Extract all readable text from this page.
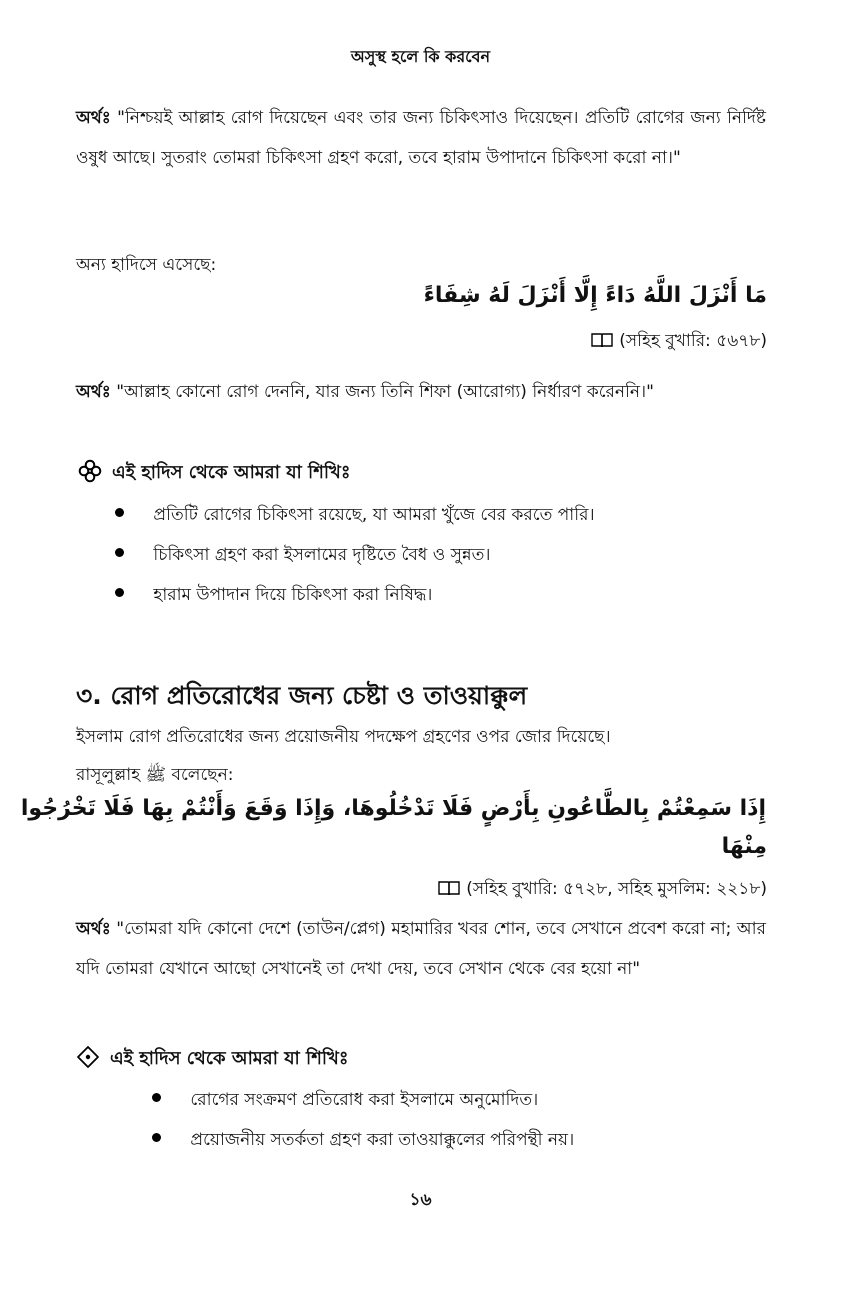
অসুস্থ হলে কি করবেন
অর্থঃ "নিশ্চয়ই আল্লাহ রোগ দিয়েছেন এবং তার জন্য চিকিৎসাও দিয়েছেন। প্রতিটি রোগের জন্য নির্দিষ্ট ওষুধ আছে। সুতরাং তোমরা চিকিৎসা গ্রহণ করো, তবে হারাম উপাদানে চিকিৎসা করো না।"
অন্য হাদিসে এসেছে:
مَا أَنْزَلَ اللَّهُ دَاءً إِلَّا أَنْزَلَ لَهُ شِفَاءً
(সহিহ বুখারি: ৫৬৭৮)
অর্থঃ "আল্লাহ কোনো রোগ দেননি, যার জন্য তিনি শিফা (আরোগ্য) নির্ধারণ করেননি।"
এই হাদিস থেকে আমরা যা শিখিঃ
প্রতিটি রোগের চিকিৎসা রয়েছে, যা আমরা খুঁজে বের করতে পারি।
চিকিৎসা গ্রহণ করা ইসলামের দৃষ্টিতে বৈধ ও সুন্নত।
হারাম উপাদান দিয়ে চিকিৎসা করা নিষিদ্ধ।
৩. রোগ প্রতিরোধের জন্য চেষ্টা ও তাওয়াক্কুল
ইসলাম রোগ প্রতিরোধের জন্য প্রয়োজনীয় পদক্ষেপ গ্রহণের ওপর জোর দিয়েছে।
রাসূলুল্লাহ ﷺ বলেছেন:
إِذَا سَمِعْتُمْ بِالطَّاعُونِ بِأَرْضٍ فَلَا تَدْخُلُوهَا، وَإِذَا وَقَعَ وَأَنْتُمْ بِهَا فَلَا تَخْرُجُوا
مِنْهَا
(সহিহ বুখারি: ৫৭২৮, সহিহ মুসলিম: ২২১৮)
অর্থঃ "তোমরা যদি কোনো দেশে (তাউন/প্লেগ) মহামারির খবর শোন, তবে সেখানে প্রবেশ করো না; আর যদি তোমরা যেখানে আছো সেখানেই তা দেখা দেয়, তবে সেখান থেকে বের হয়ো না"
এই হাদিস থেকে আমরা যা শিখিঃ
রোগের সংক্রমণ প্রতিরোধ করা ইসলামে অনুমোদিত।
প্রয়োজনীয় সতর্কতা গ্রহণ করা তাওয়াক্কুলের পরিপন্থী নয়।
১৬
